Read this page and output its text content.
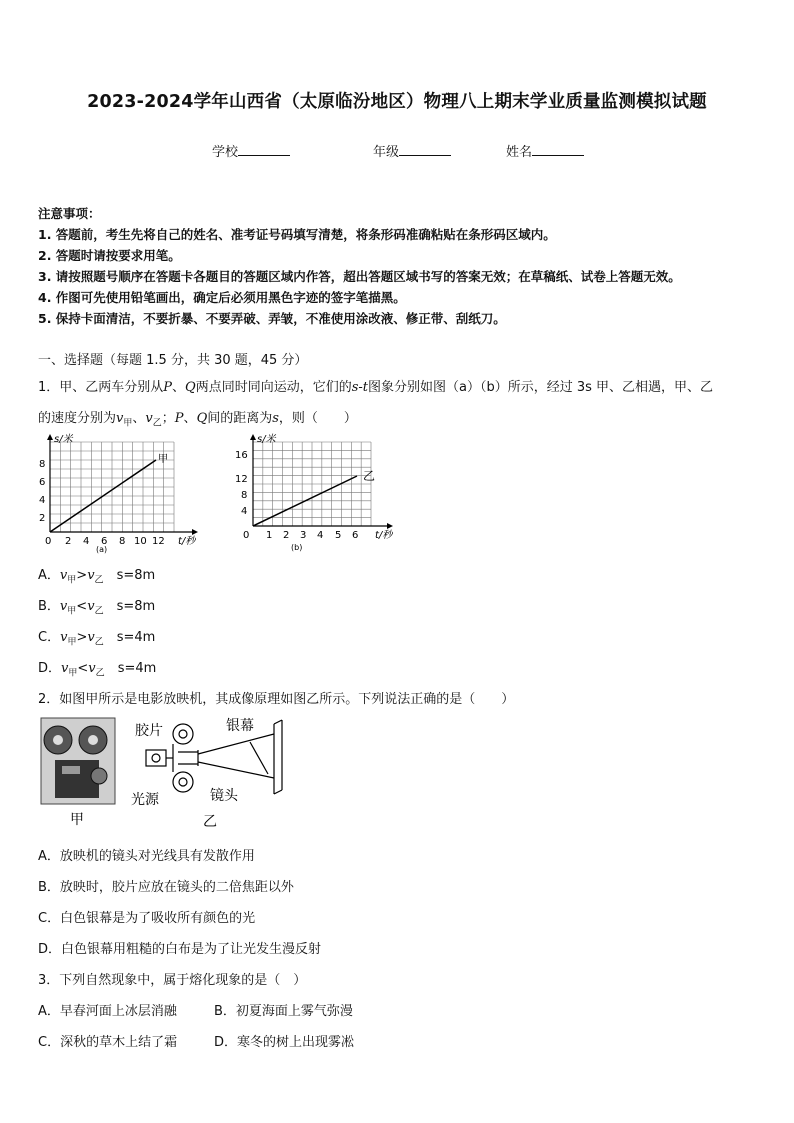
2023-2024学年山西省（太原临汾地区）物理八上期末学业质量监测模拟试题
学校	年级	姓名
注意事项：
1. 答题前，考生先将自己的姓名、准考证号码填写清楚，将条形码准确粘贴在条形码区域内。
2. 答题时请按要求用笔。
3. 请按照题号顺序在答题卡各题目的答题区域内作答，超出答题区域书写的答案无效；在草稿纸、试卷上答题无效。
4. 作图可先使用铅笔画出，确定后必须用黑色字迹的签字笔描黑。
5. 保持卡面清洁，不要折暴、不要弄破、弄皱，不准使用涂改液、修正带、刮纸刀。
一、选择题（每题 1.5 分，共 30 题，45 分）
1．甲、乙两车分别从P、Q两点同时同向运动，它们的s-t图象分别如图（a）（b）所示，经过 3s 甲、乙相遇，甲、乙
的速度分别为$v_甲$、$v_乙$；P、Q间的距离为s，则（　　）
甲
s/米
t/秒
8
6
4
2
0 2 4 6 8 10 12
(a)
乙
s/米
t/秒
16
12
8
4
0 1 2 3 4 5 6
(b)
A．$v_甲>v_乙$　 s=8m
B．$v_甲<v_乙$　 s=8m
C．$v_甲>v_乙$　 s=4m
D．$v_甲<v_乙$　 s=4m
2．如图甲所示是电影放映机，其成像原理如图乙所示。下列说法正确的是（　　）
甲
胶片	银幕
光源	镜头
乙
A．放映机的镜头对光线具有发散作用
B．放映时，胶片应放在镜头的二倍焦距以外
C．白色银幕是为了吸收所有颜色的光
D．白色银幕用粗糙的白布是为了让光发生漫反射
3．下列自然现象中，属于熔化现象的是（　）
A．早春河面上冰层消融	B．初夏海面上雾气弥漫
C．深秋的草木上结了霜	D．寒冬的树上出现雾凇
